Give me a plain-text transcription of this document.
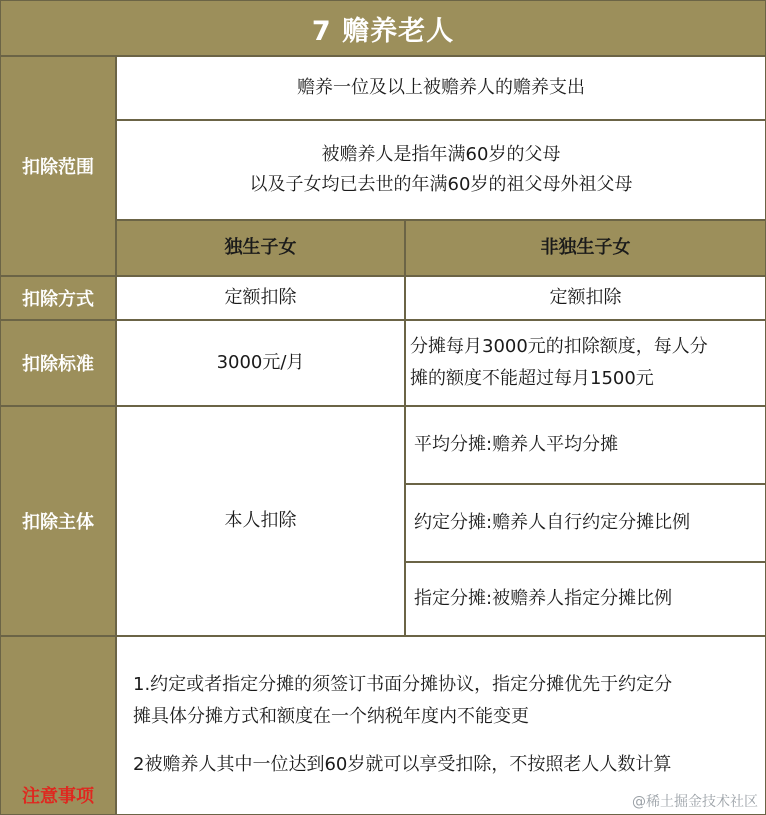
7 赡养老人
扣除范围
扣除方式
扣除标准
扣除主体
注意事项
赡养一位及以上被赡养人的赡养支出
被赡养人是指年满60岁的父母
以及子女均已去世的年满60岁的祖父母外祖父母
独生子女	非独生子女
定额扣除	定额扣除
3000元/月
分摊每月3000元的扣除额度，每人分
摊的额度不能超过每月1500元
本人扣除
平均分摊:赡养人平均分摊
约定分摊:赡养人自行约定分摊比例
指定分摊:被赡养人指定分摊比例

1.约定或者指定分摊的须签订书面分摊协议，指定分摊优先于约定分
摊具体分摊方式和额度在一个纳税年度内不能变更

2被赡养人其中一位达到60岁就可以享受扣除，不按照老人人数计算

@稀土掘金技术社区
